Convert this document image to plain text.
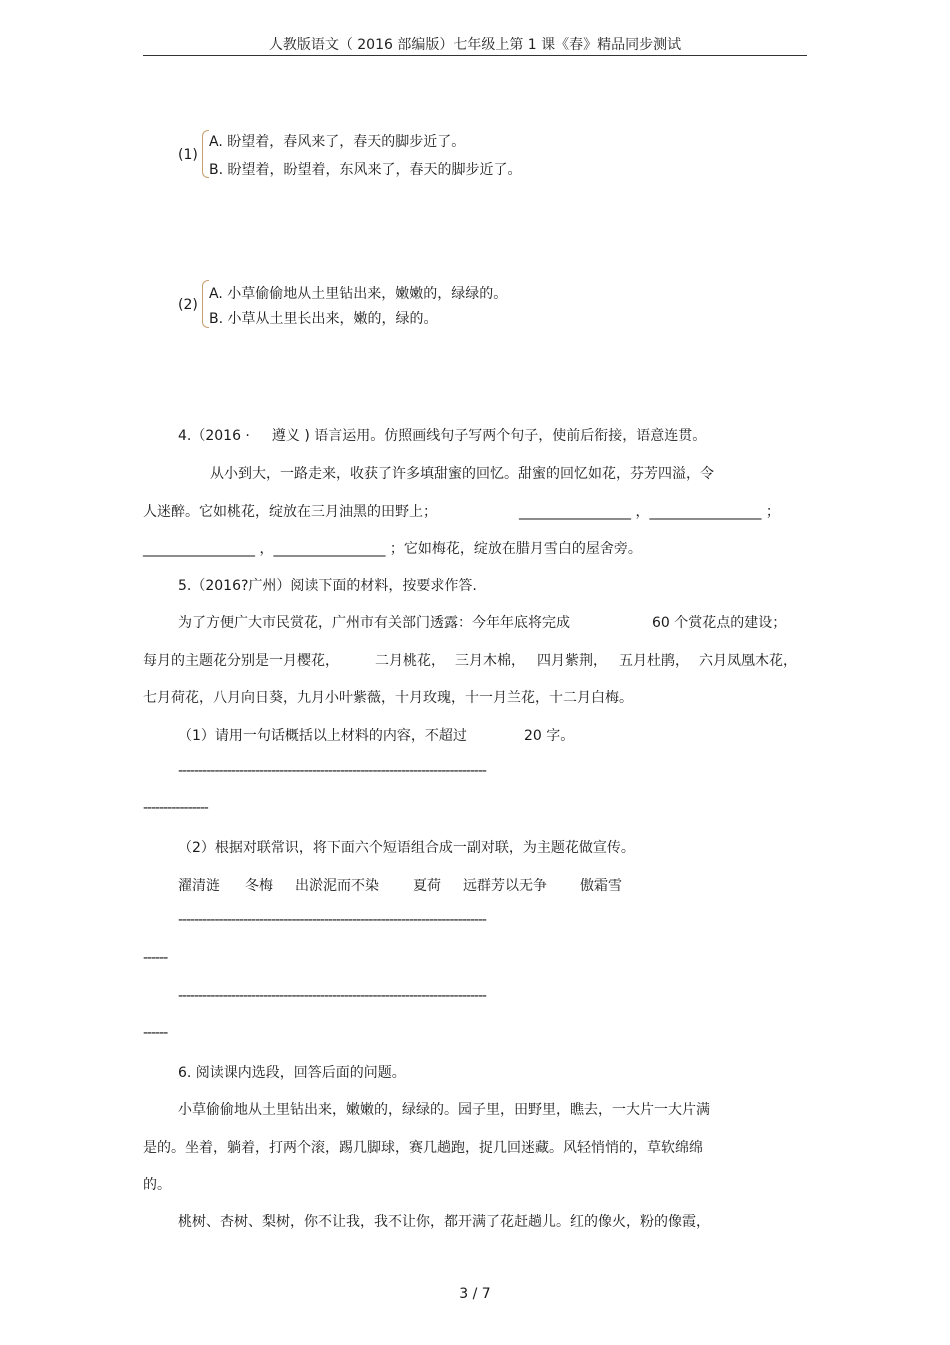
人教版语文（ 2016 部编版）七年级上第 1 课《春》精品同步测试
(1)
A. 盼望着，春风来了，春天的脚步近了。
B. 盼望着，盼望着，东风来了，春天的脚步近了。
(2)
A. 小草偷偷地从土里钻出来，嫩嫩的，绿绿的。
B. 小草从土里长出来，嫩的，绿的。
4.（2016 · 遵义 ) 语言运用。仿照画线句子写两个句子，使前后衔接，语意连贯。
从小到大，一路走来，收获了许多填甜蜜的回忆。甜蜜的回忆如花，芬芳四溢，令
人迷醉。它如桃花，绽放在三月油黑的田野上；	________________ ，________________ ；
________________ ，________________ ；它如梅花，绽放在腊月雪白的屋舍旁。
5.（2016?广州）阅读下面的材料，按要求作答.
为了方便广大市民赏花，广州市有关部门透露：今年年底将完成	60 个赏花点的建设；
每月的主题花分别是一月樱花，	二月桃花， 三月木棉， 四月紫荆， 五月杜鹃， 六月凤凰木花，
七月荷花，八月向日葵，九月小叶紫薇，十月玫瑰，十一月兰花，十二月白梅。
（1）请用一句话概括以上材料的内容，不超过	20 字。
----------------------------------------------------------------------------
----------------
（2）根据对联常识，将下面六个短语组合成一副对联，为主题花做宣传。
濯清涟 冬梅 出淤泥而不染 夏荷 远群芳以无争 傲霜雪
----------------------------------------------------------------------------
------
----------------------------------------------------------------------------
------
6. 阅读课内选段，回答后面的问题。
小草偷偷地从土里钻出来，嫩嫩的，绿绿的。园子里，田野里，瞧去，一大片一大片满
是的。坐着，躺着，打两个滚，踢几脚球，赛几趟跑，捉几回迷藏。风轻悄悄的，草软绵绵
的。
桃树、杏树、梨树，你不让我，我不让你，都开满了花赶趟儿。红的像火，粉的像霞，
3 / 7
